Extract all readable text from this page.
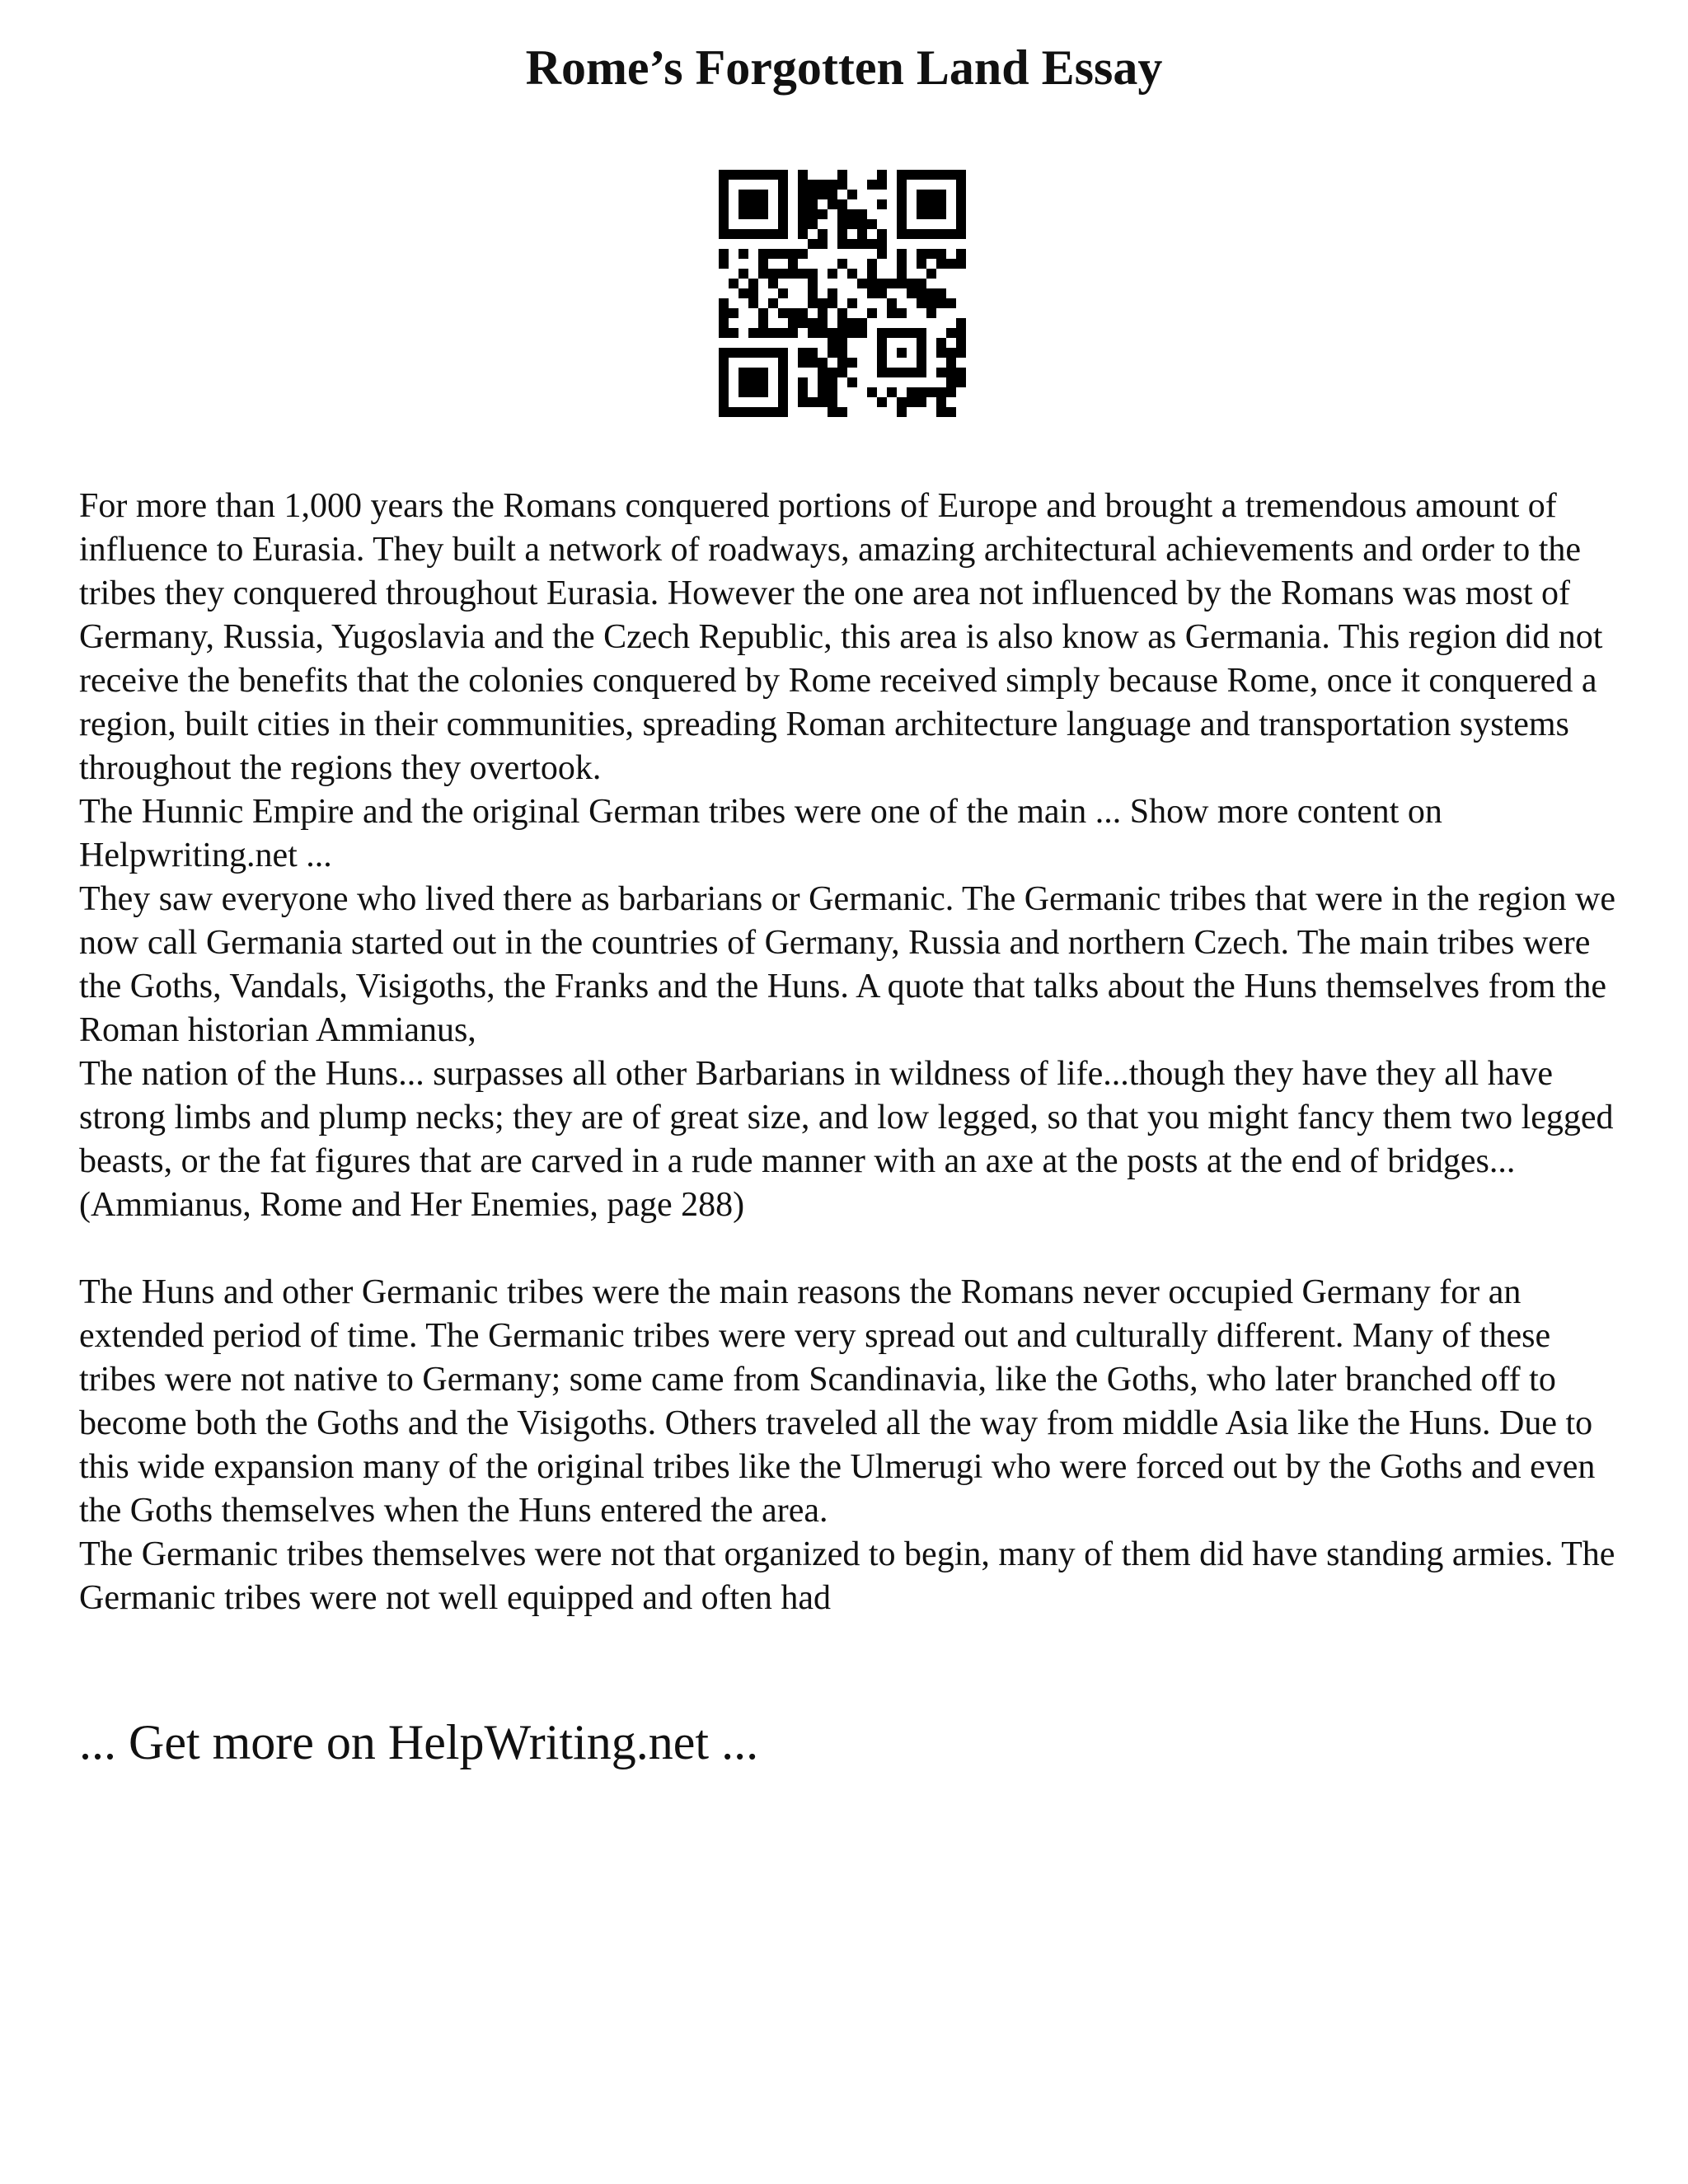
Rome’s Forgotten Land Essay

For more than 1,000 years the Romans conquered portions of Europe and brought a tremendous amount of influence to Eurasia. They built a network of roadways, amazing architectural achievements and order to the tribes they conquered throughout Eurasia. However the one area not influenced by the Romans was most of Germany, Russia, Yugoslavia and the Czech Republic, this area is also know as Germania. This region did not receive the benefits that the colonies conquered by Rome received simply because Rome, once it conquered a region, built cities in their communities, spreading Roman architecture language and transportation systems throughout the regions they overtook.

The Hunnic Empire and the original German tribes were one of the main ... Show more content on Helpwriting.net ...

They saw everyone who lived there as barbarians or Germanic. The Germanic tribes that were in the region we now call Germania started out in the countries of Germany, Russia and northern Czech. The main tribes were the Goths, Vandals, Visigoths, the Franks and the Huns. A quote that talks about the Huns themselves from the Roman historian Ammianus,

The nation of the Huns... surpasses all other Barbarians in wildness of life...though they have they all have strong limbs and plump necks; they are of great size, and low legged, so that you might fancy them two legged beasts, or the fat figures that are carved in a rude manner with an axe at the posts at the end of bridges... (Ammianus, Rome and Her Enemies, page 288)

The Huns and other Germanic tribes were the main reasons the Romans never occupied Germany for an extended period of time. The Germanic tribes were very spread out and culturally different. Many of these tribes were not native to Germany; some came from Scandinavia, like the Goths, who later branched off to become both the Goths and the Visigoths. Others traveled all the way from middle Asia like the Huns. Due to this wide expansion many of the original tribes like the Ulmerugi who were forced out by the Goths and even the Goths themselves when the Huns entered the area.

The Germanic tribes themselves were not that organized to begin, many of them did have standing armies. The Germanic tribes were not well equipped and often had

... Get more on HelpWriting.net ...
